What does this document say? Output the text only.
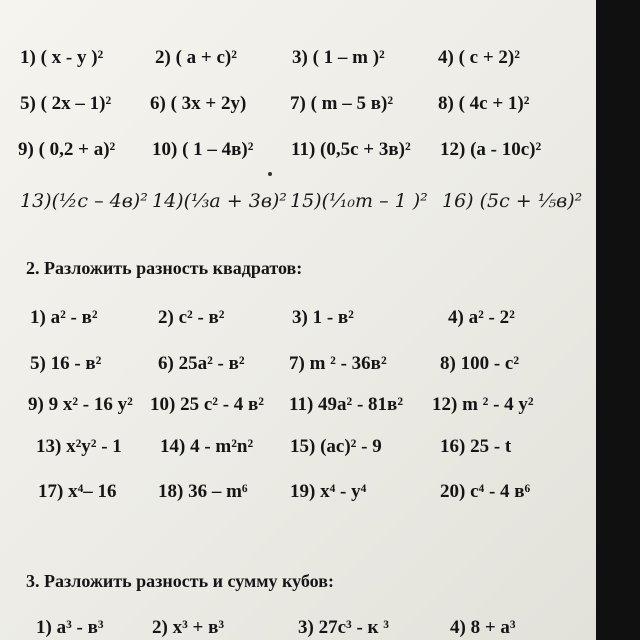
1) ( x - y )²	2) ( a + c)²	3) ( 1 – m )²	4) ( c + 2)²
5) ( 2x – 1)² 6) ( 3x + 2y) 7) ( m – 5 в)² 8) ( 4c + 1)²
9) ( 0,2 + a)² 10) ( 1 – 4в)² 11) (0,5c + 3в)² 12) (a - 10c)²
13)(½c – 4в)² 14)(⅓a + 3в)² 15)(¹⁄₁₀m – 1 )² 16) (5c + ⅕в)²
2. Разложить разность квадратов:
1) a² - в²	2) c² - в²	3) 1 - в²	4) a² - 2²
5) 16 - в²	6) 25a² - в² 7) m ² - 36в²	8) 100 - c²
9) 9 x² - 16 y² 10) 25 c² - 4 в² 11) 49a² - 81в² 12) m ² - 4 y²
13) x²y² - 1 14) 4 - m²n² 15) (ac)² - 9	16) 25 - t
17) x⁴– 16 18) 36 – m⁶ 19) x⁴ - y⁴	20) c⁴ - 4 в⁶
3. Разложить разность и сумму кубов:
1) a³ - в³	2) x³ + в³	3) 27c³ - к ³	4) 8 + a³
